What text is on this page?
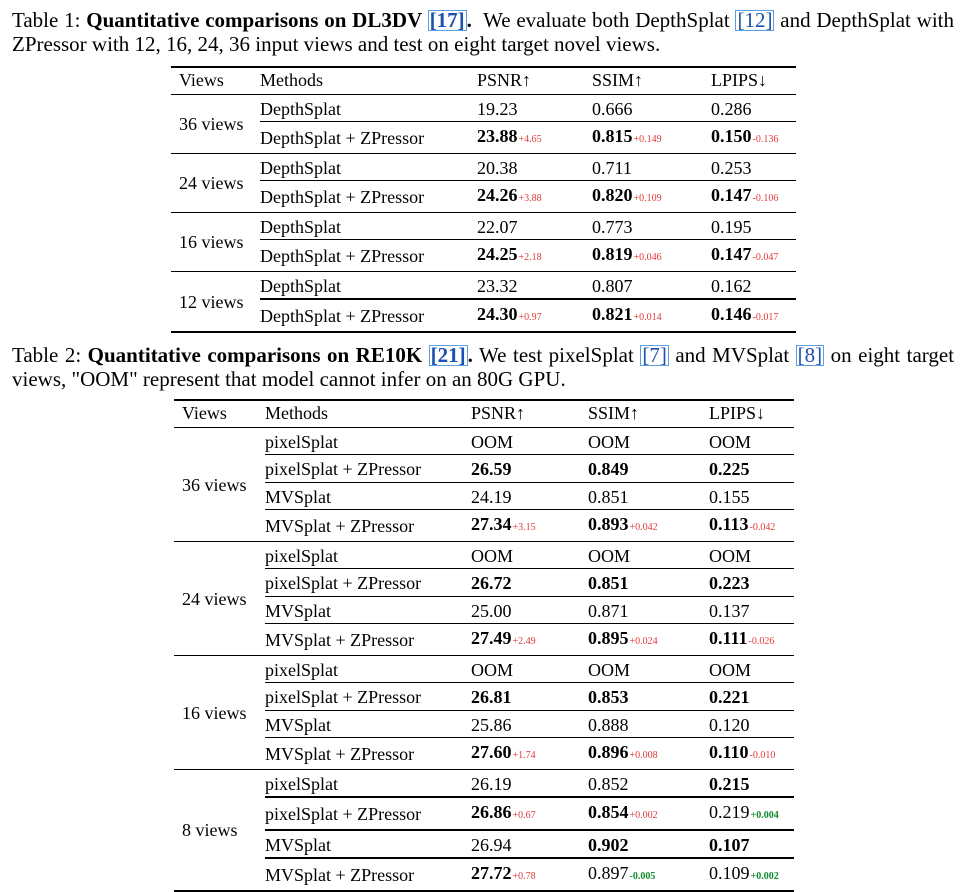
Table 1: Quantitative comparisons on DL3DV [17]. We evaluate both DepthSplat [12] and DepthSplat with ZPressor with 12, 16, 24, 36 input views and test on eight target novel views.
Views	Methods	PSNR↑	SSIM↑	LPIPS↓
36 views	DepthSplat	19.23	0.666	0.286
	DepthSplat + ZPressor	23.88+4.65	0.815+0.149	0.150-0.136
24 views	DepthSplat	20.38	0.711	0.253
	DepthSplat + ZPressor	24.26+3.88	0.820+0.109	0.147-0.106
16 views	DepthSplat	22.07	0.773	0.195
	DepthSplat + ZPressor	24.25+2.18	0.819+0.046	0.147-0.047
12 views	DepthSplat	23.32	0.807	0.162
	DepthSplat + ZPressor	24.30+0.97	0.821+0.014	0.146-0.017
Table 2: Quantitative comparisons on RE10K [21]. We test pixelSplat [7] and MVSplat [8] on eight target views, "OOM" represent that model cannot infer on an 80G GPU.
Views	Methods	PSNR↑	SSIM↑	LPIPS↓
36 views	pixelSplat	OOM	OOM	OOM
	pixelSplat + ZPressor	26.59	0.849	0.225
	MVSplat	24.19	0.851	0.155
	MVSplat + ZPressor	27.34+3.15	0.893+0.042	0.113-0.042
24 views	pixelSplat	OOM	OOM	OOM
	pixelSplat + ZPressor	26.72	0.851	0.223
	MVSplat	25.00	0.871	0.137
	MVSplat + ZPressor	27.49+2.49	0.895+0.024	0.111-0.026
16 views	pixelSplat	OOM	OOM	OOM
	pixelSplat + ZPressor	26.81	0.853	0.221
	MVSplat	25.86	0.888	0.120
	MVSplat + ZPressor	27.60+1.74	0.896+0.008	0.110-0.010
8 views	pixelSplat	26.19	0.852	0.215
	pixelSplat + ZPressor	26.86+0.67	0.854+0.002	0.219+0.004
	MVSplat	26.94	0.902	0.107
	MVSplat + ZPressor	27.72+0.78	0.897-0.005	0.109+0.002
